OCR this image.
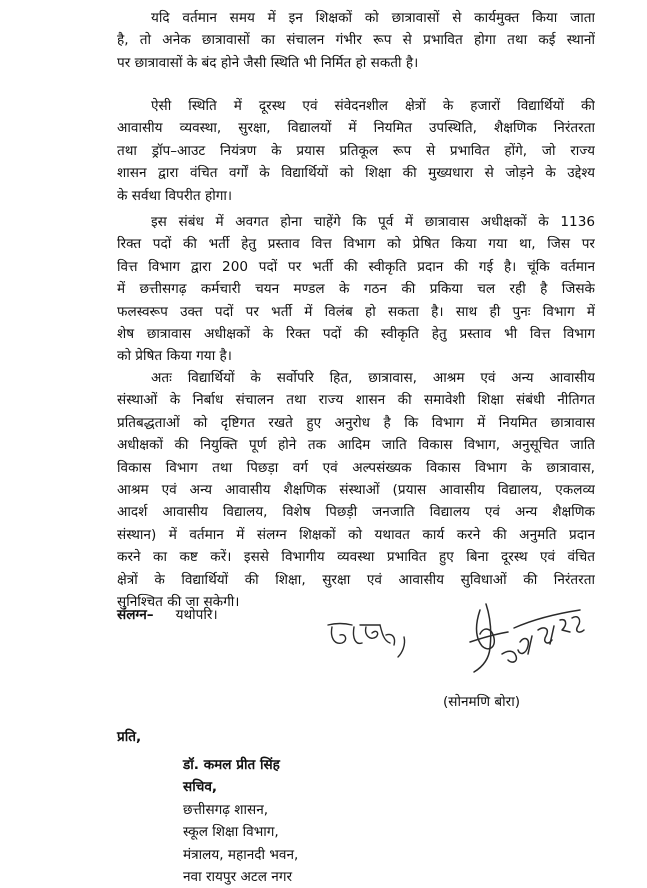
यदि वर्तमान समय में इन शिक्षकों को छात्रावासों से कार्यमुक्त किया जाता
है, तो अनेक छात्रावासों का संचालन गंभीर रूप से प्रभावित होगा तथा कई स्थानों
पर छात्रावासों के बंद होने जैसी स्थिति भी निर्मित हो सकती है।
ऐसी स्थिति में दूरस्थ एवं संवेदनशील क्षेत्रों के हजारों विद्यार्थियों की
आवासीय व्यवस्था, सुरक्षा, विद्यालयों में नियमित उपस्थिति, शैक्षणिक निरंतरता
तथा ड्रॉप–आउट नियंत्रण के प्रयास प्रतिकूल रूप से प्रभावित होंगे, जो राज्य
शासन द्वारा वंचित वर्गों के विद्यार्थियों को शिक्षा की मुख्यधारा से जोड़ने के उद्देश्य
के सर्वथा विपरीत होगा।
इस संबंध में अवगत होना चाहेंगे कि पूर्व में छात्रावास अधीक्षकों के 1136
रिक्त पदों की भर्ती हेतु प्रस्ताव वित्त विभाग को प्रेषित किया गया था, जिस पर
वित्त विभाग द्वारा 200 पदों पर भर्ती की स्वीकृति प्रदान की गई है। चूंकि वर्तमान
में छत्तीसगढ़ कर्मचारी चयन मण्डल के गठन की प्रकिया चल रही है जिसके
फलस्वरूप उक्त पदों पर भर्ती में विलंब हो सकता है। साथ ही पुनः विभाग में
शेष छात्रावास अधीक्षकों के रिक्त पदों की स्वीकृति हेतु प्रस्ताव भी वित्त विभाग
को प्रेषित किया गया है।
अतः विद्यार्थियों के सर्वोपरि हित, छात्रावास, आश्रम एवं अन्य आवासीय
संस्थाओं के निर्बाध संचालन तथा राज्य शासन की समावेशी शिक्षा संबंधी नीतिगत
प्रतिबद्धताओं को दृष्टिगत रखते हुए अनुरोध है कि विभाग में नियमित छात्रावास
अधीक्षकों की नियुक्ति पूर्ण होने तक आदिम जाति विकास विभाग, अनुसूचित जाति
विकास विभाग तथा पिछड़ा वर्ग एवं अल्पसंख्यक विकास विभाग के छात्रावास,
आश्रम एवं अन्य आवासीय शैक्षणिक संस्थाओं (प्रयास आवासीय विद्यालय, एकलव्य
आदर्श आवासीय विद्यालय, विशेष पिछड़ी जनजाति विद्यालय एवं अन्य शैक्षणिक
संस्थान) में वर्तमान में संलग्न शिक्षकों को यथावत कार्य करने की अनुमति प्रदान
करने का कष्ट करें। इससे विभागीय व्यवस्था प्रभावित हुए बिना दूरस्थ एवं वंचित
क्षेत्रों के विद्यार्थियों की शिक्षा, सुरक्षा एवं आवासीय सुविधाओं की निरंतरता
सुनिश्चित की जा सकेगी।
संलग्न– यथोपरि।
(सोनमणि बोरा)
प्रति,
डॉ. कमल प्रीत सिंह
सचिव,
छत्तीसगढ़ शासन,
स्कूल शिक्षा विभाग,
मंत्रालय, महानदी भवन,
नवा रायपुर अटल नगर
